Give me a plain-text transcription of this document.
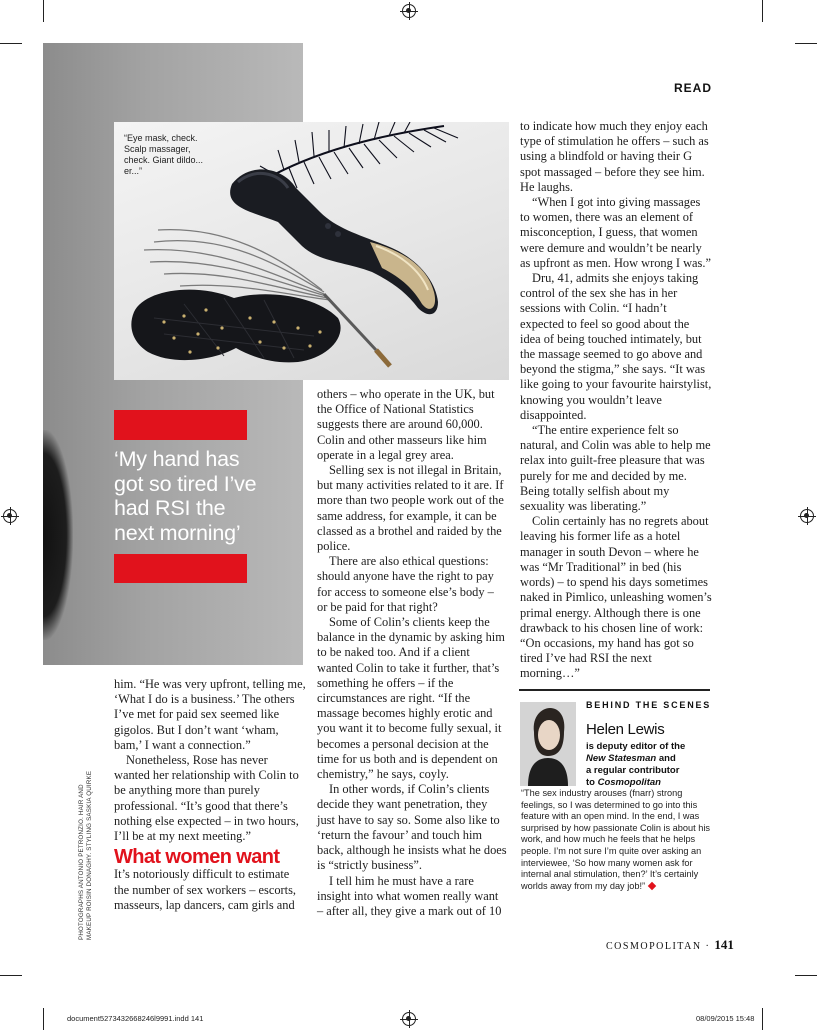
READ
“Eye mask, check. Scalp massager, check. Giant dildo... er...”
‘My hand has got so tired I’ve had RSI the next morning’
PHOTOGRAPHS ANTONIO PETRONZIO. HAIR AND MAKEUP ROISIN DONAGHY. STYLING SASKIA QUIRKE

him. “He was very upfront, telling me, ‘What I do is a business.’ The others I’ve met for paid sex seemed like gigolos. But I don’t want ‘wham, bam,’ I want a connection.”

Nonetheless, Rose has never wanted her relationship with Colin to be anything more than purely professional. “It’s good that there’s nothing else expected – in two hours, I’ll be at my next meeting.”

What women want

It’s notoriously difficult to estimate the number of sex workers – escorts, masseurs, lap dancers, cam girls and

others – who operate in the UK, but the Office of National Statistics suggests there are around 60,000. Colin and other masseurs like him operate in a legal grey area.

Selling sex is not illegal in Britain, but many activities related to it are. If more than two people work out of the same address, for example, it can be classed as a brothel and raided by the police.

There are also ethical questions: should anyone have the right to pay for access to someone else’s body – or be paid for that right?

Some of Colin’s clients keep the balance in the dynamic by asking him to be naked too. And if a client wanted Colin to take it further, that’s something he offers – if the circumstances are right. “If the massage becomes highly erotic and you want it to become fully sexual, it becomes a personal decision at the time for us both and is dependent on chemistry,” he says, coyly.

In other words, if Colin’s clients decide they want penetration, they just have to say so. Some also like to ‘return the favour’ and touch him back, although he insists what he does is “strictly business”.

I tell him he must have a rare insight into what women really want – after all, they give a mark out of 10

to indicate how much they enjoy each type of stimulation he offers – such as using a blindfold or having their G spot massaged – before they see him. He laughs.

“When I got into giving massages to women, there was an element of misconception, I guess, that women were demure and wouldn’t be nearly as upfront as men. How wrong I was.”

Dru, 41, admits she enjoys taking control of the sex she has in her sessions with Colin. “I hadn’t expected to feel so good about the idea of being touched intimately, but the massage seemed to go above and beyond the stigma,” she says. “It was like going to your favourite hairstylist, knowing you wouldn’t leave disappointed.

“The entire experience felt so natural, and Colin was able to help me relax into guilt-free pleasure that was purely for me and decided by me. Being totally selfish about my sexuality was liberating.”

Colin certainly has no regrets about leaving his former life as a hotel manager in south Devon – where he was “Mr Traditional” in bed (his words) – to spend his days sometimes naked in Pimlico, unleashing women’s primal energy. Although there is one drawback to his chosen line of work: “On occasions, my hand has got so tired I’ve had RSI the next morning…”

BEHIND THE SCENES
Helen Lewis
is deputy editor of the
New Statesman and
a regular contributor
to Cosmopolitan
“The sex industry arouses (fnarr) strong feelings, so I was determined to go into this feature with an open mind. In the end, I was surprised by how passionate Colin is about his work, and how much he feels that he helps people. I’m not sure I’m quite over asking an interviewee, ‘So how many women ask for internal anal stimulation, then?’ It’s certainly worlds away from my day job!”
COSMOPOLITAN · 141
document5273432668246l9991.indd 141	08/09/2015 15:48
